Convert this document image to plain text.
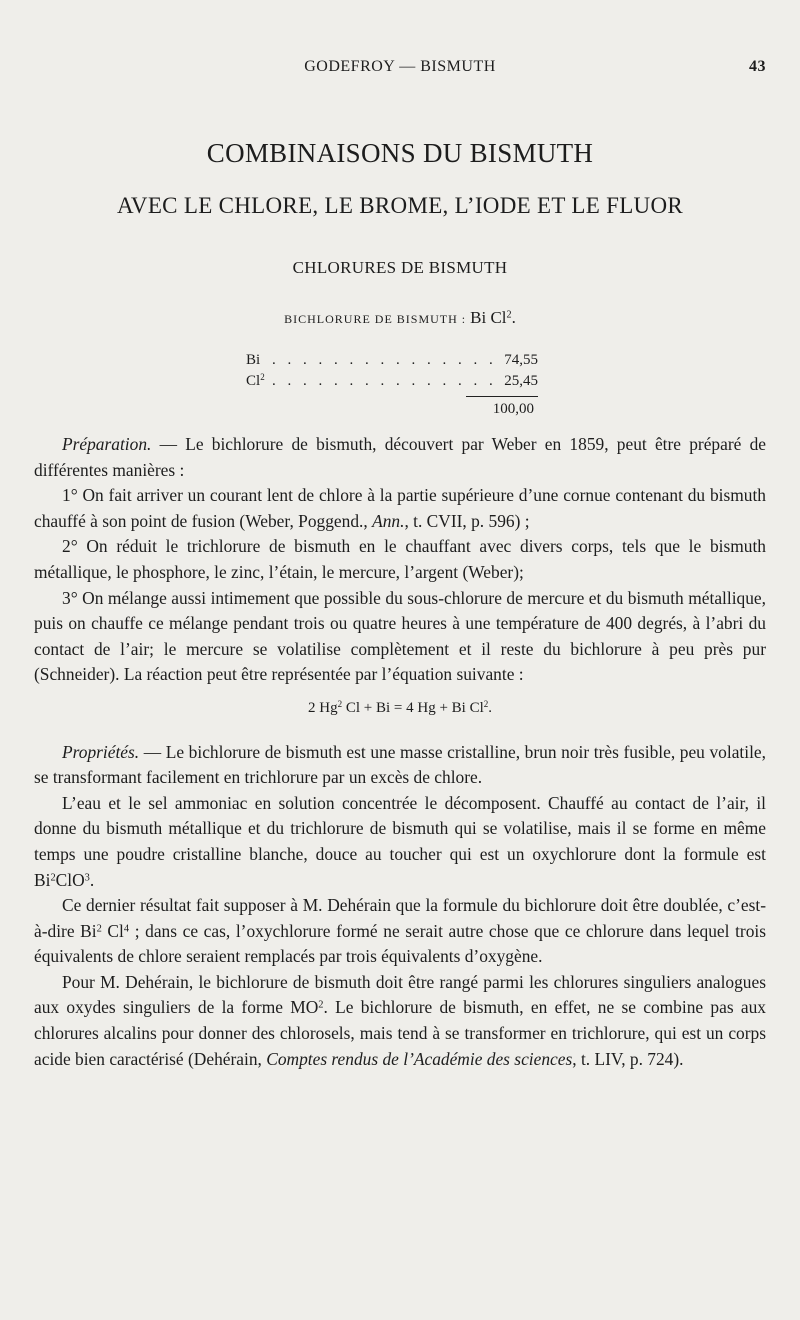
GODEFROY — BISMUTH	43
COMBINAISONS DU BISMUTH
AVEC LE CHLORE, LE BROME, L’IODE ET LE FLUOR
CHLORURES DE BISMUTH
BICHLORURE DE BISMUTH : Bi Cl$^2$.
Bi . . . . . . . . . . . . . . . 74,55
Cl$^2$ . . . . . . . . . . . . . . . 25,45
100,00

Préparation. — Le bichlorure de bismuth, découvert par Weber en 1859, peut être préparé de différentes manières :

1° On fait arriver un courant lent de chlore à la partie supérieure d’une cornue contenant du bismuth chauffé à son point de fusion (Weber, Poggend., Ann., t. CVII, p. 596) ;

2° On réduit le trichlorure de bismuth en le chauffant avec divers corps, tels que le bismuth métallique, le phosphore, le zinc, l’étain, le mercure, l’argent (Weber);

3° On mélange aussi intimement que possible du sous-chlorure de mercure et du bismuth métallique, puis on chauffe ce mélange pendant trois ou quatre heures à une température de 400 degrés, à l’abri du contact de l’air; le mercure se volatilise complètement et il reste du bichlorure à peu près pur (Schneider). La réaction peut être représentée par l’équation suivante :

2 Hg$^2$ Cl + Bi = 4 Hg + Bi Cl$^2$.

Propriétés. — Le bichlorure de bismuth est une masse cristalline, brun noir très fusible, peu volatile, se transformant facilement en trichlorure par un excès de chlore.

L’eau et le sel ammoniac en solution concentrée le décomposent. Chauffé au contact de l’air, il donne du bismuth métallique et du trichlorure de bismuth qui se volatilise, mais il se forme en même temps une poudre cristalline blanche, douce au toucher qui est un oxychlorure dont la formule est Bi$^2$ClO$^3$.

Ce dernier résultat fait supposer à M. Dehérain que la formule du bichlorure doit être doublée, c’est-à-dire Bi$^2$ Cl$^4$ ; dans ce cas, l’oxychlorure formé ne serait autre chose que ce chlorure dans lequel trois équivalents de chlore seraient remplacés par trois équivalents d’oxygène.

Pour M. Dehérain, le bichlorure de bismuth doit être rangé parmi les chlorures singuliers analogues aux oxydes singuliers de la forme $MO^2$. Le bichlorure de bismuth, en effet, ne se combine pas aux chlorures alcalins pour donner des chlorosels, mais tend à se transformer en trichlorure, qui est un corps acide bien caractérisé (Dehérain, Comptes rendus de l’Académie des sciences, t. LIV, p. 724).
